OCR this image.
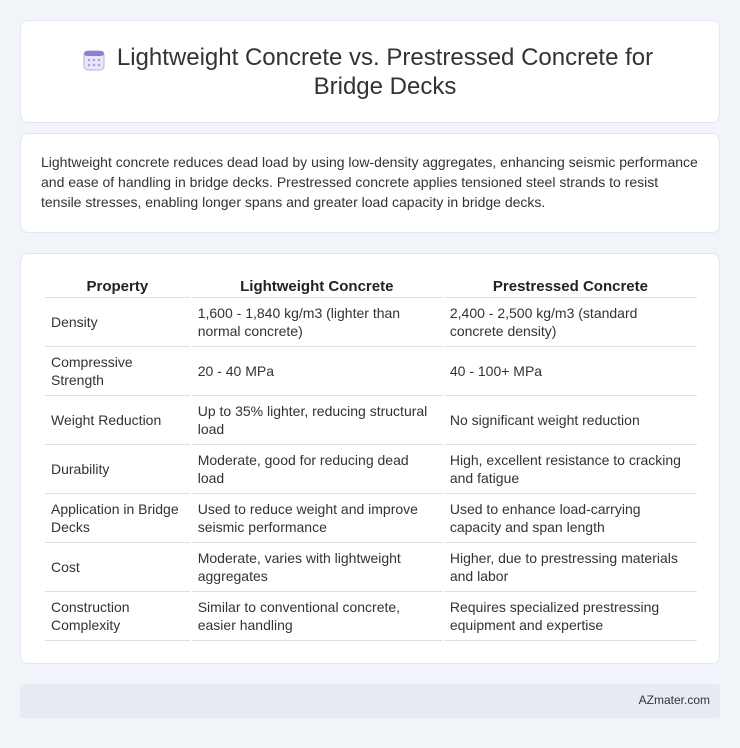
Lightweight Concrete vs. Prestressed Concrete for Bridge Decks

Lightweight concrete reduces dead load by using low-density aggregates, enhancing seismic performance and ease of handling in bridge decks. Prestressed concrete applies tensioned steel strands to resist tensile stresses, enabling longer spans and greater load capacity in bridge decks.

Property	Lightweight Concrete	Prestressed Concrete
Density	1,600 - 1,840 kg/m3 (lighter than normal concrete)	2,400 - 2,500 kg/m3 (standard concrete density)
Compressive Strength	20 - 40 MPa	40 - 100+ MPa
Weight Reduction	Up to 35% lighter, reducing structural load	No significant weight reduction
Durability	Moderate, good for reducing dead load	High, excellent resistance to cracking and fatigue
Application in Bridge Decks	Used to reduce weight and improve seismic performance	Used to enhance load-carrying capacity and span length
Cost	Moderate, varies with lightweight aggregates	Higher, due to prestressing materials and labor
Construction Complexity	Similar to conventional concrete, easier handling	Requires specialized prestressing equipment and expertise
AZmater.com
